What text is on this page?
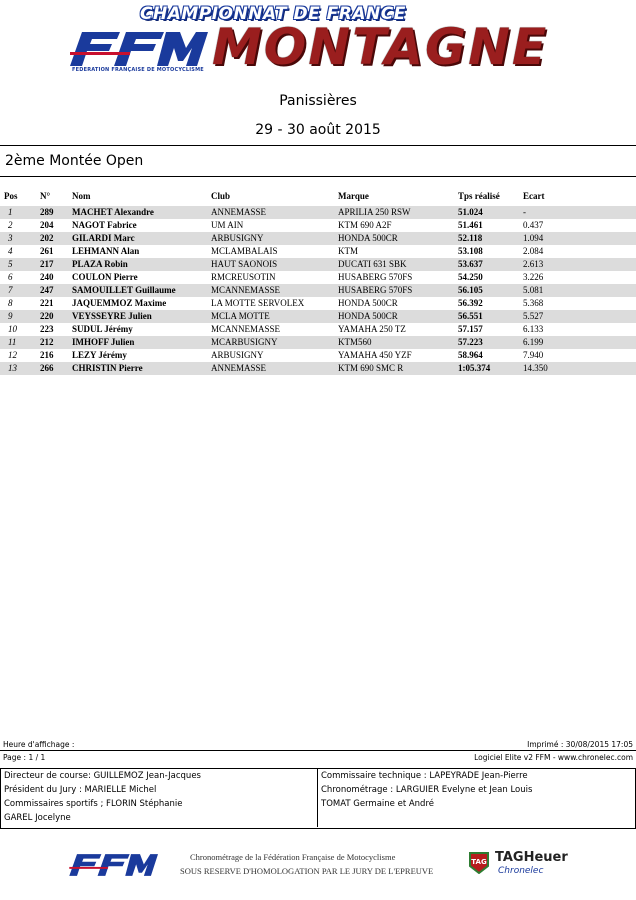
CHAMPIONNAT DE FRANCE
FEDERATION FRANÇAISE DE MOTOCYCLISME MONTAGNE
Panissières
29 - 30 août 2015
2ème Montée Open
Pos	N° Nom	Club	Marque	Tps réalisé	Ecart
1	289 MACHET Alexandre	ANNEMASSE	APRILIA 250 RSW	51.024	-
2	204 NAGOT Fabrice	UM AIN	KTM 690 A2F	51.461	0.437
3	202 GILARDI Marc	ARBUSIGNY	HONDA 500CR	52.118	1.094
4	261 LEHMANN Alan	MCLAMBALAIS	KTM	53.108	2.084
5	217 PLAZA Robin	HAUT SAONOIS	DUCATI 631 SBK	53.637	2.613
6	240 COULON Pierre	RMCREUSOTIN	HUSABERG 570FS	54.250	3.226
7	247 SAMOUILLET Guillaume	MCANNEMASSE	HUSABERG 570FS	56.105	5.081
8	221 JAQUEMMOZ Maxime	LA MOTTE SERVOLEX	HONDA 500CR	56.392	5.368
9	220 VEYSSEYRE Julien	MCLA MOTTE	HONDA 500CR	56.551	5.527
10	223 SUDUL Jérémy	MCANNEMASSE	YAMAHA 250 TZ	57.157	6.133
11	212 IMHOFF Julien	MCARBUSIGNY	KTM560	57.223	6.199
12	216 LEZY Jérémy	ARBUSIGNY	YAMAHA 450 YZF	58.964	7.940
13	266 CHRISTIN Pierre	ANNEMASSE	KTM 690 SMC R	1:05.374	14.350
Heure d'affichage :	Imprimé : 30/08/2015 17:05
Page : 1 / 1	Logiciel Elite v2 FFM - www.chronelec.com
Directeur de course: GUILLEMOZ Jean-Jacques
Président du Jury : MARIELLE Michel
Commissaires sportifs ; FLORIN Stéphanie
GAREL Jocelyne
Commissaire technique : LAPEYRADE Jean-Pierre
Chronométrage : LARGUIER Evelyne et Jean Louis
TOMAT Germaine et André
Chronométrage de la Fédération Française de Motocyclisme
SOUS RESERVE D'HOMOLOGATION PAR LE JURY DE L'EPREUVE
TAG TAGHeuer
Chronelec
